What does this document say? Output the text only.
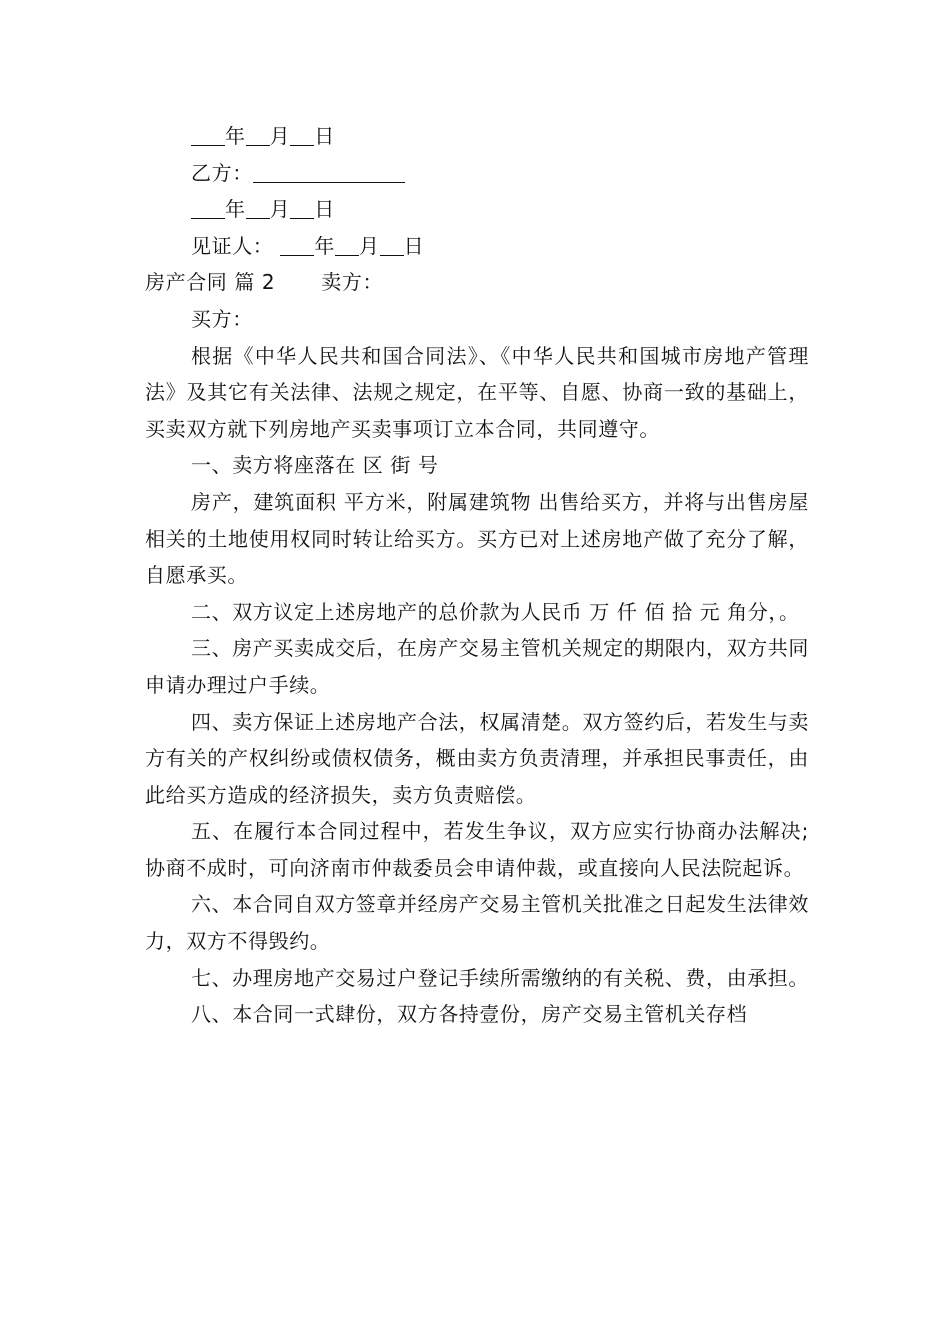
年 月 日

乙方：

年 月 日

见证人： 年 月 日

房产合同 篇 2 卖方：

买方：

根据《中华人民共和国合同法》、《中华人民共和国城市房地产管理法》及其它有关法律、法规之规定，在平等、自愿、协商一致的基础上，买卖双方就下列房地产买卖事项订立本合同，共同遵守。

一、卖方将座落在 区 街 号

房产，建筑面积 平方米，附属建筑物 出售给买方，并将与出售房屋相关的土地使用权同时转让给买方。买方已对上述房地产做了充分了解，自愿承买。

二、双方议定上述房地产的总价款为人民币 万 仟 佰 拾 元 角分，。

三、房产买卖成交后，在房产交易主管机关规定的期限内，双方共同申请办理过户手续。

四、卖方保证上述房地产合法，权属清楚。双方签约后，若发生与卖方有关的产权纠纷或债权债务，概由卖方负责清理，并承担民事责任，由此给买方造成的经济损失，卖方负责赔偿。

五、在履行本合同过程中，若发生争议，双方应实行协商办法解决;协商不成时，可向济南市仲裁委员会申请仲裁，或直接向人民法院起诉。

六、本合同自双方签章并经房产交易主管机关批准之日起发生法律效力，双方不得毁约。

七、办理房地产交易过户登记手续所需缴纳的有关税、费，由承担。

八、本合同一式肆份，双方各持壹份，房产交易主管机关存档
